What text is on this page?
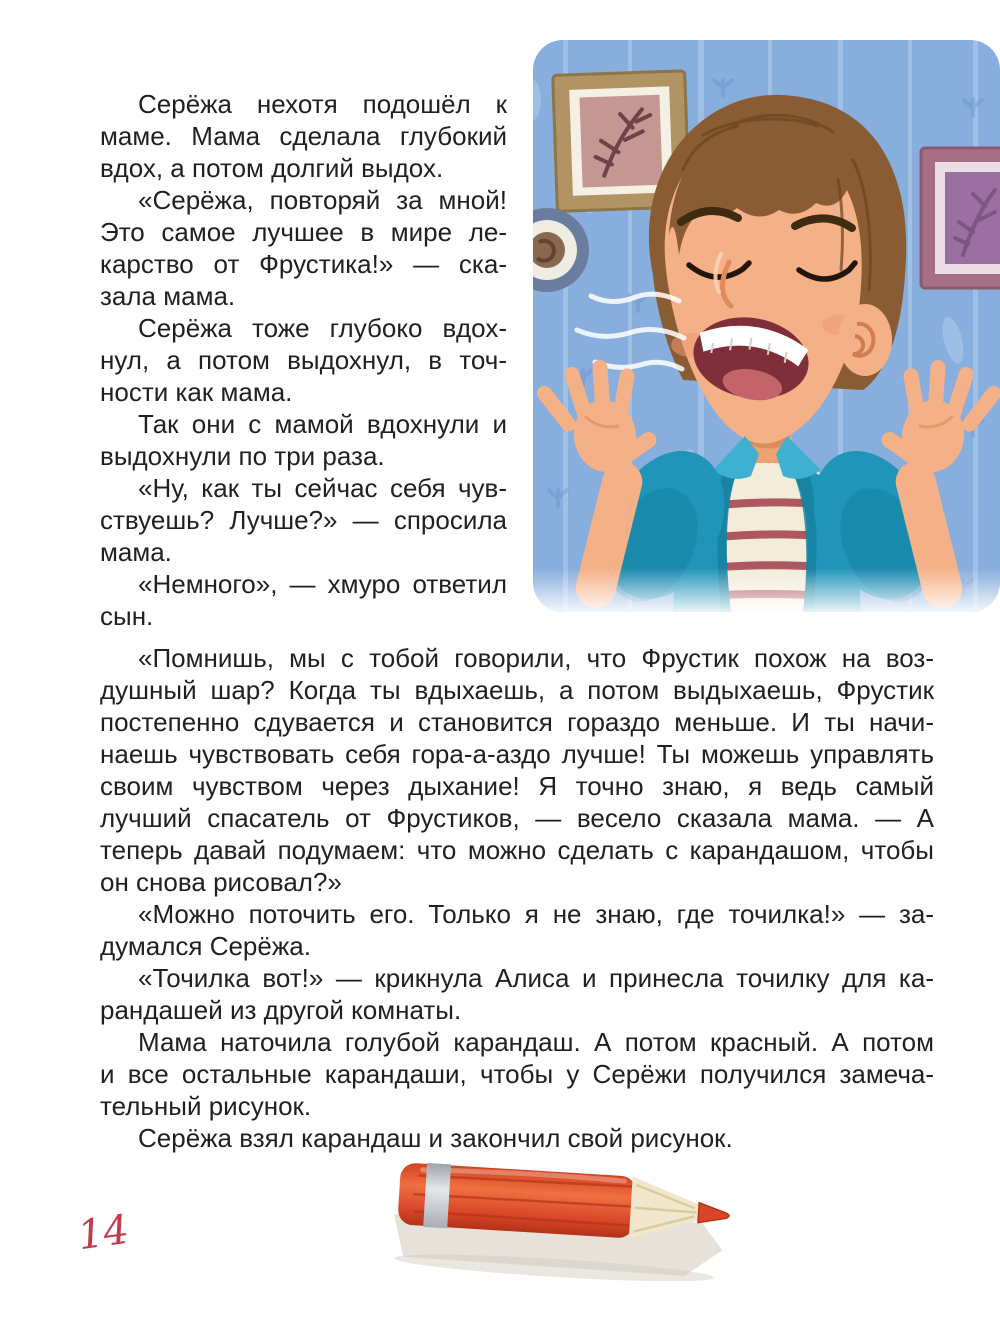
Серёжа нехотя подошёл к
маме. Мама сделала глубокий
вдох, а потом долгий выдох.

«Серёжа, повторяй за мной!
Это самое лучшее в мире ле-
карство от Фрустика!» — ска-
зала мама.

Серёжа тоже глубоко вдох-
нул, а потом выдохнул, в точ-
ности как мама.

Так они с мамой вдохнули и
выдохнули по три раза.

«Ну, как ты сейчас себя чув-
ствуешь? Лучше?» — спросила
мама.

«Немного», — хмуро ответил
сын.

«Помнишь, мы с тобой говорили, что Фрустик похож на воз-
душный шар? Когда ты вдыхаешь, а потом выдыхаешь, Фрустик
постепенно сдувается и становится гораздо меньше. И ты начи-
наешь чувствовать себя гора-а-аздо лучше! Ты можешь управлять
своим чувством через дыхание! Я точно знаю, я ведь самый
лучший спасатель от Фрустиков, — весело сказала мама. — А
теперь давай подумаем: что можно сделать с карандашом, чтобы
он снова рисовал?»

«Можно поточить его. Только я не знаю, где точилка!» — за-
думался Серёжа.

«Точилка вот!» — крикнула Алиса и принесла точилку для ка-
рандашей из другой комнаты.

Мама наточила голубой карандаш. А потом красный. А потом
и все остальные карандаши, чтобы у Серёжи получился замеча-
тельный рисунок.

Серёжа взял карандаш и закончил свой рисунок.

14
